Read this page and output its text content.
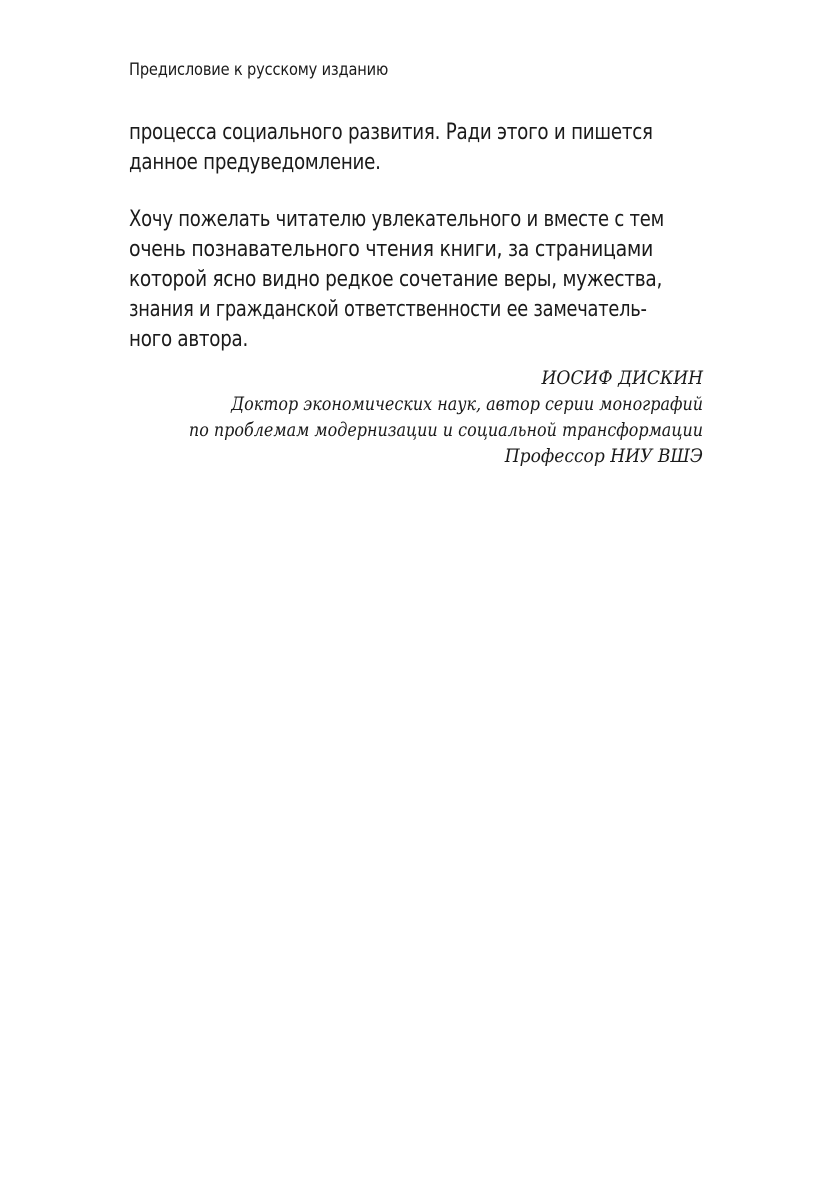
Предисловие к русскому изданию
процесса социального развития. Ради этого и пишется
данное предуведомление.
Хочу пожелать читателю увлекательного и вместе с тем
очень познавательного чтения книги, за страницами
которой ясно видно редкое сочетание веры, мужества,
знания и гражданской ответственности ее замечатель-
ного автора.
ИОСИФ ДИСКИН
Доктор экономических наук, автор серии монографий
по проблемам модернизации и социальной трансформации
Профессор НИУ ВШЭ
